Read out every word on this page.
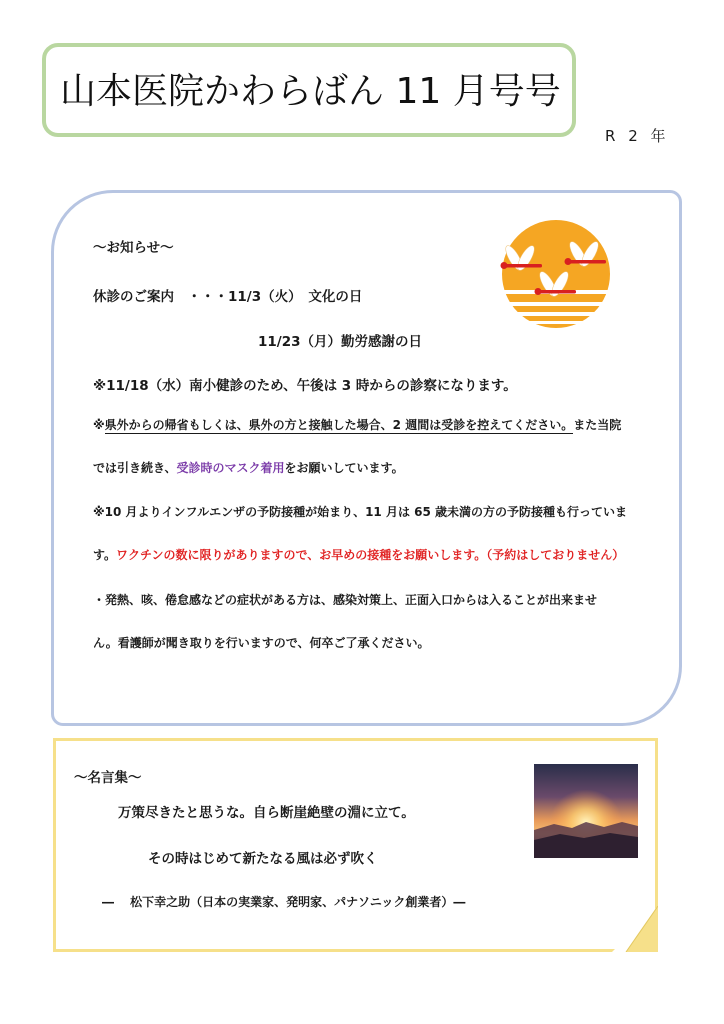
山本医院かわらばん 11 月号号
R 2 年
～お知らせ～
休診のご案内　・・・11/3（火）　文化の日
11/23（月）勤労感謝の日
※11/18（水）南小健診のため、午後は 3 時からの診察になります。
※県外からの帰省もしくは、県外の方と接触した場合、2 週間は受診を控えてください。また当院
では引き続き、受診時のマスク着用をお願いしています。
※10 月よりインフルエンザの予防接種が始まり、11 月は 65 歳未満の方の予防接種も行っていま
す。ワクチンの数に限りがありますので、お早めの接種をお願いします。（予約はしておりません）
・発熱、咳、倦怠感などの症状がある方は、感染対策上、正面入口からは入ることが出来ませ
ん。看護師が聞き取りを行いますので、何卒ご了承ください。
～名言集～
万策尽きたと思うな。自ら断崖絶壁の淵に立て。
その時はじめて新たなる風は必ず吹く
―　 松下幸之助（日本の実業家、発明家、パナソニック創業者）―
